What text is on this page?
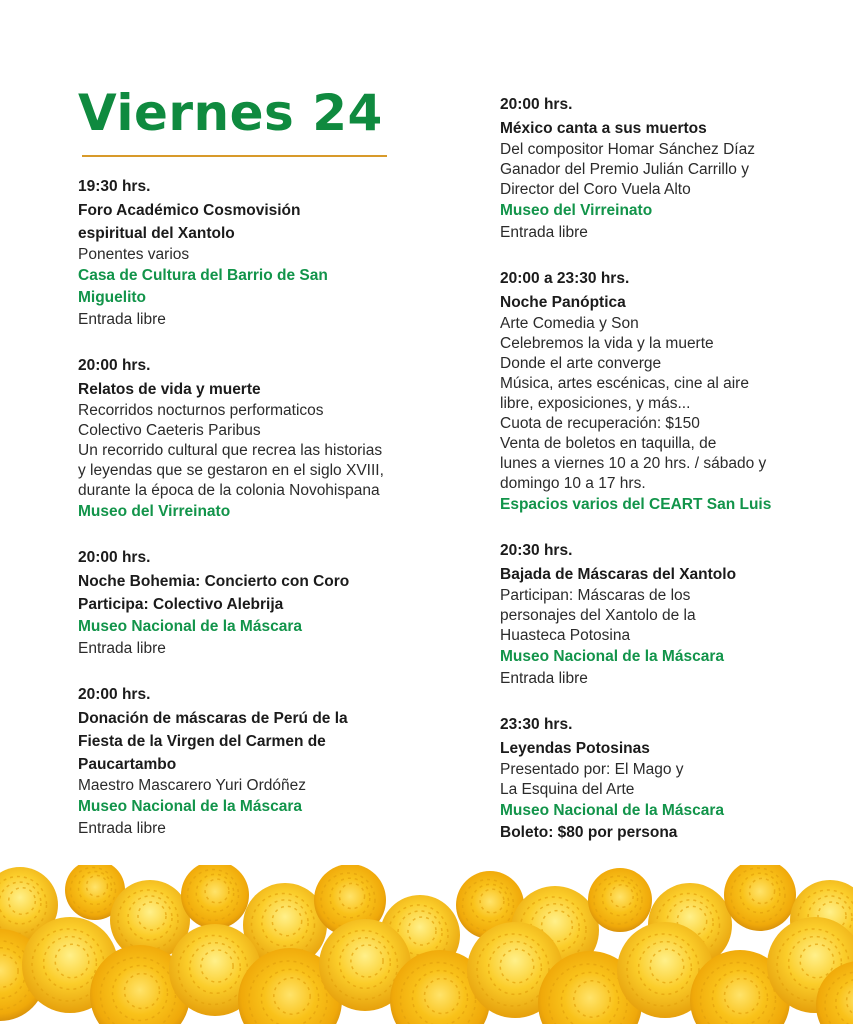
Viernes 24
19:30 hrs.
Foro Académico Cosmovisión
espiritual del Xantolo
Ponentes varios
Casa de Cultura del Barrio de San
Miguelito
Entrada libre
20:00 hrs.
Relatos de vida y muerte
Recorridos nocturnos performaticos
Colectivo Caeteris Paribus
Un recorrido cultural que recrea las historias
y leyendas que se gestaron en el siglo XVIII,
durante la época de la colonia Novohispana
Museo del Virreinato
20:00 hrs.
Noche Bohemia: Concierto con Coro
Participa: Colectivo Alebrija
Museo Nacional de la Máscara
Entrada libre
20:00 hrs.
Donación de máscaras de Perú de la
Fiesta de la Virgen del Carmen de
Paucartambo
Maestro Mascarero Yuri Ordóñez
Museo Nacional de la Máscara
Entrada libre
20:00 hrs.
México canta a sus muertos
Del compositor Homar Sánchez Díaz
Ganador del Premio Julián Carrillo y
Director del Coro Vuela Alto
Museo del Virreinato
Entrada libre
20:00 a 23:30 hrs.
Noche Panóptica
Arte Comedia y Son
Celebremos la vida y la muerte
Donde el arte converge
Música, artes escénicas, cine al aire
libre, exposiciones, y más...
Cuota de recuperación: $150
Venta de boletos en taquilla, de
lunes a viernes 10 a 20 hrs. / sábado y
domingo 10 a 17 hrs.
Espacios varios del CEART San Luis
20:30 hrs.
Bajada de Máscaras del Xantolo
Participan: Máscaras de los
personajes del Xantolo de la
Huasteca Potosina
Museo Nacional de la Máscara
Entrada libre
23:30 hrs.
Leyendas Potosinas
Presentado por: El Mago y
La Esquina del Arte
Museo Nacional de la Máscara
Boleto: $80 por persona
